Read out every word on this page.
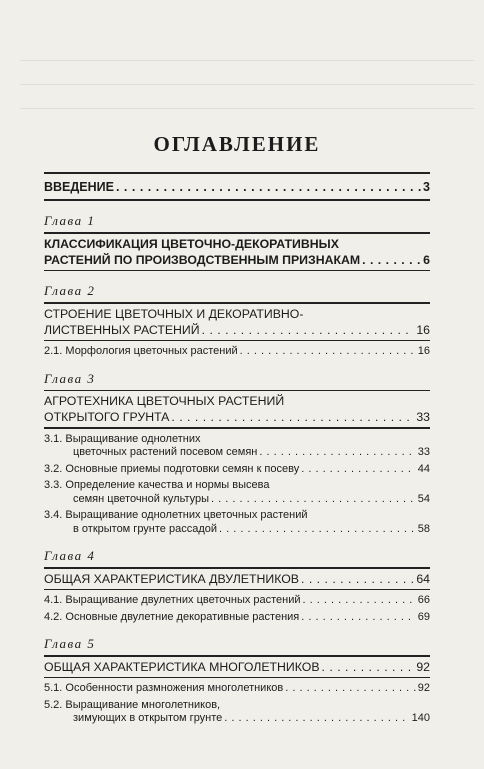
ОГЛАВЛЕНИЕ
ВВЕДЕНИЕ . . .	3
Глава 1
КЛАССИФИКАЦИЯ ЦВЕТОЧНО-ДЕКОРАТИВНЫХ
РАСТЕНИЙ ПО ПРОИЗВОДСТВЕННЫМ ПРИЗНАКАМ . . .	6
Глава 2
СТРОЕНИЕ ЦВЕТОЧНЫХ И ДЕКОРАТИВНО-
ЛИСТВЕННЫХ РАСТЕНИЙ . . .	16
2.1. Морфология цветочных растений . . .	16
Глава 3
АГРОТЕХНИКА ЦВЕТОЧНЫХ РАСТЕНИЙ
ОТКРЫТОГО ГРУНТА . . .	33
3.1. Выращивание однолетних
цветочных растений посевом семян . . .	33
3.2. Основные приемы подготовки семян к посеву . . .	44
3.3. Определение качества и нормы высева
семян цветочной культуры . . .	54
3.4. Выращивание однолетних цветочных растений
в открытом грунте рассадой . . .	58
Глава 4
ОБЩАЯ ХАРАКТЕРИСТИКА ДВУЛЕТНИКОВ . . .	64
4.1. Выращивание двулетних цветочных растений . . .	66
4.2. Основные двулетние декоративные растения . . .	69
Глава 5
ОБЩАЯ ХАРАКТЕРИСТИКА МНОГОЛЕТНИКОВ . . .	92
5.1. Особенности размножения многолетников . . .	92
5.2. Выращивание многолетников,
зимующих в открытом грунте . . .	140
